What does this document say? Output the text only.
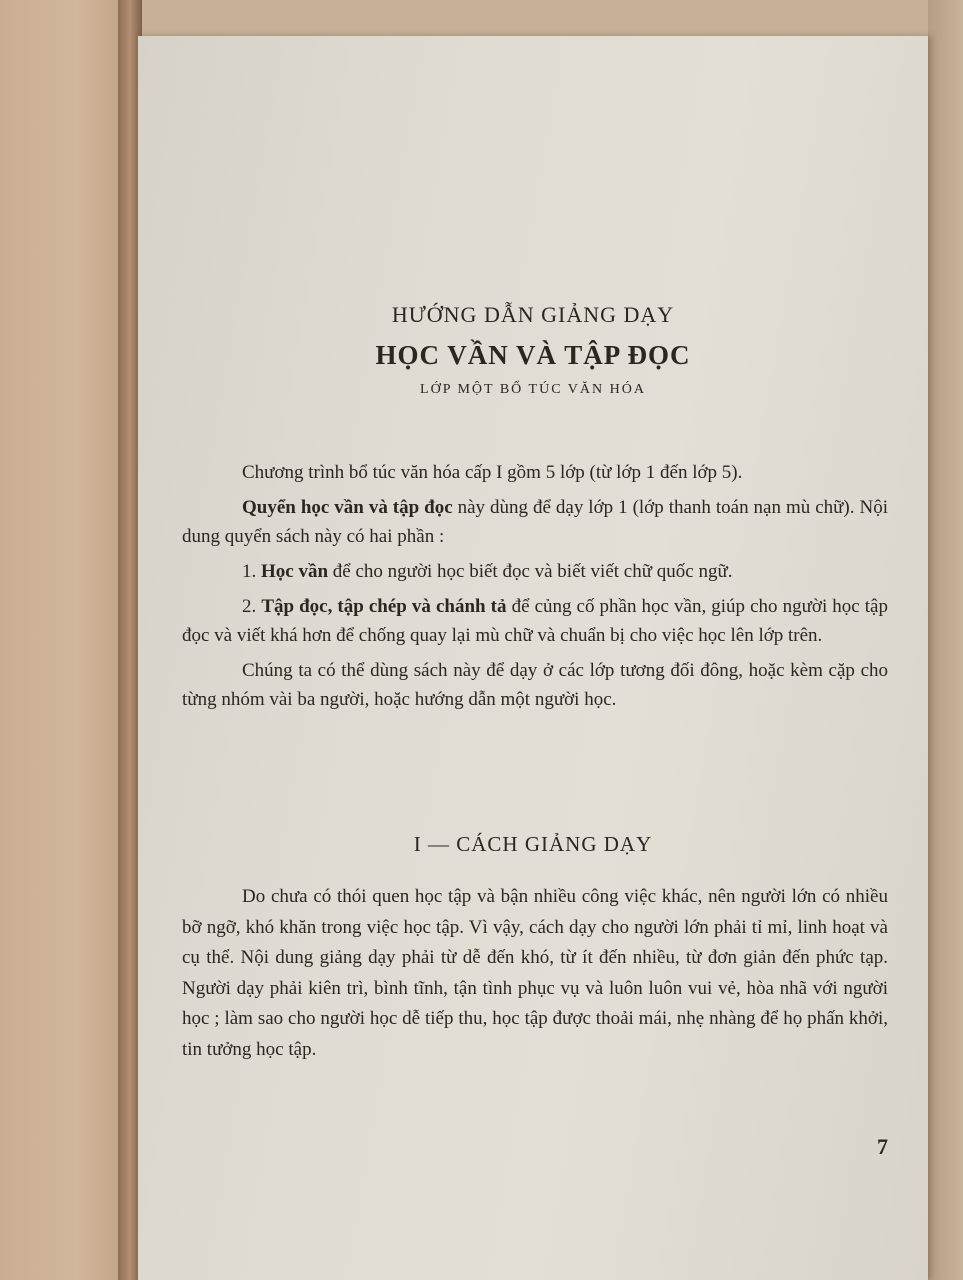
HƯỚNG DẪN GIẢNG DẠY
HỌC VẦN VÀ TẬP ĐỌC
LỚP MỘT BỔ TÚC VĂN HÓA

Chương trình bổ túc văn hóa cấp I gồm 5 lớp (từ lớp 1 đến lớp 5).

Quyển học vần và tập đọc này dùng để dạy lớp 1 (lớp thanh toán nạn mù chữ). Nội dung quyển sách này có hai phần :

1. Học vần để cho người học biết đọc và biết viết chữ quốc ngữ.

2. Tập đọc, tập chép và chánh tả để củng cố phần học vần, giúp cho người học tập đọc và viết khá hơn để chống quay lại mù chữ và chuẩn bị cho việc học lên lớp trên.

Chúng ta có thể dùng sách này để dạy ở các lớp tương đối đông, hoặc kèm cặp cho từng nhóm vài ba người, hoặc hướng dẫn một người học.

I — CÁCH GIẢNG DẠY

Do chưa có thói quen học tập và bận nhiều công việc khác, nên người lớn có nhiều bỡ ngỡ, khó khăn trong việc học tập. Vì vậy, cách dạy cho người lớn phải tỉ mỉ, linh hoạt và cụ thể. Nội dung giảng dạy phải từ dễ đến khó, từ ít đến nhiều, từ đơn giản đến phức tạp. Người dạy phải kiên trì, bình tĩnh, tận tình phục vụ và luôn luôn vui vẻ, hòa nhã với người học ; làm sao cho người học dễ tiếp thu, học tập được thoải mái, nhẹ nhàng để họ phấn khởi, tin tưởng học tập.

7
